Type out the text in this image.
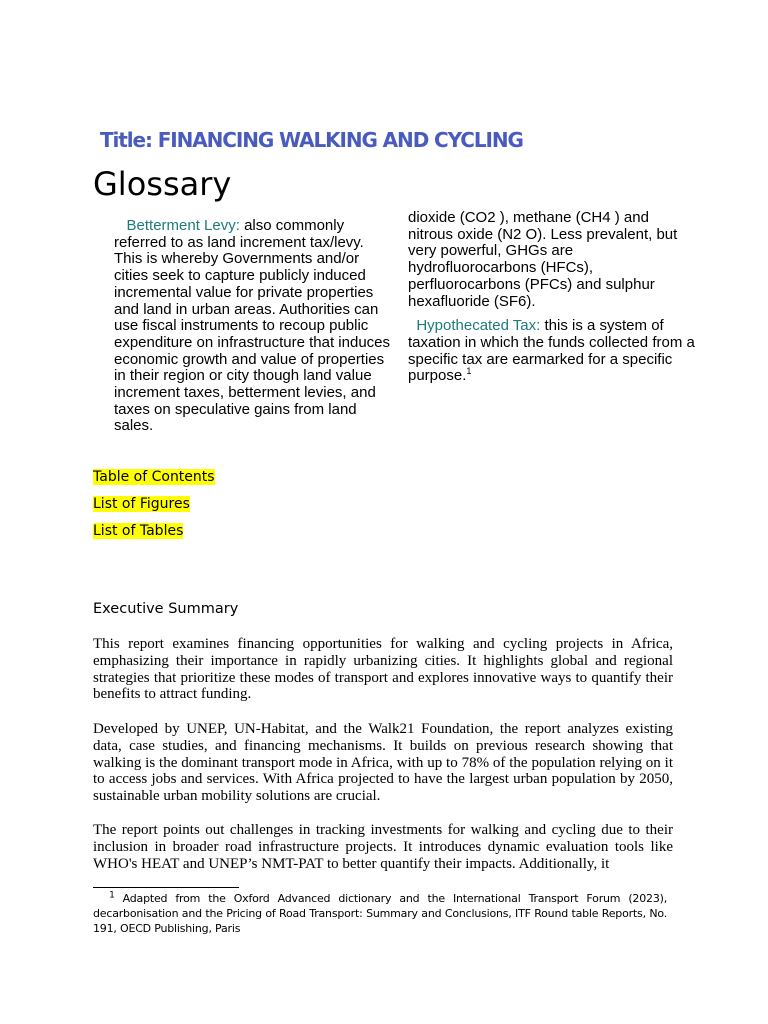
Title: FINANCING WALKING AND CYCLING
Glossary

Betterment Levy: also commonly referred to as land increment tax/levy. This is whereby Governments and/or cities seek to capture publicly induced incremental value for private properties and land in urban areas. Authorities can use fiscal instruments to recoup public expenditure on infrastructure that induces economic growth and value of properties in their region or city though land value increment taxes, betterment levies, and taxes on speculative gains from land sales.

dioxide (CO2 ), methane (CH4 ) and nitrous oxide (N2 O). Less prevalent, but very powerful, GHGs are hydrofluorocarbons (HFCs), perfluorocarbons (PFCs) and sulphur hexafluoride (SF6).

Hypothecated Tax: this is a system of taxation in which the funds collected from a specific tax are earmarked for a specific purpose.$^1$

Table of Contents
List of Figures
List of Tables
Executive Summary

This report examines financing opportunities for walking and cycling projects in Africa, emphasizing their importance in rapidly urbanizing cities. It highlights global and regional strategies that prioritize these modes of transport and explores innovative ways to quantify their benefits to attract funding.

Developed by UNEP, UN-Habitat, and the Walk21 Foundation, the report analyzes existing data, case studies, and financing mechanisms. It builds on previous research showing that walking is the dominant transport mode in Africa, with up to 78% of the population relying on it to access jobs and services. With Africa projected to have the largest urban population by 2050, sustainable urban mobility solutions are crucial.

The report points out challenges in tracking investments for walking and cycling due to their inclusion in broader road infrastructure projects. It introduces dynamic evaluation tools like WHO's HEAT and UNEP’s NMT-PAT to better quantify their impacts. Additionally, it

$^1$ Adapted from the Oxford Advanced dictionary and the International Transport Forum (2023), decarbonisation and the Pricing of Road Transport: Summary and Conclusions, ITF Round table Reports, No. 191, OECD Publishing, Paris
